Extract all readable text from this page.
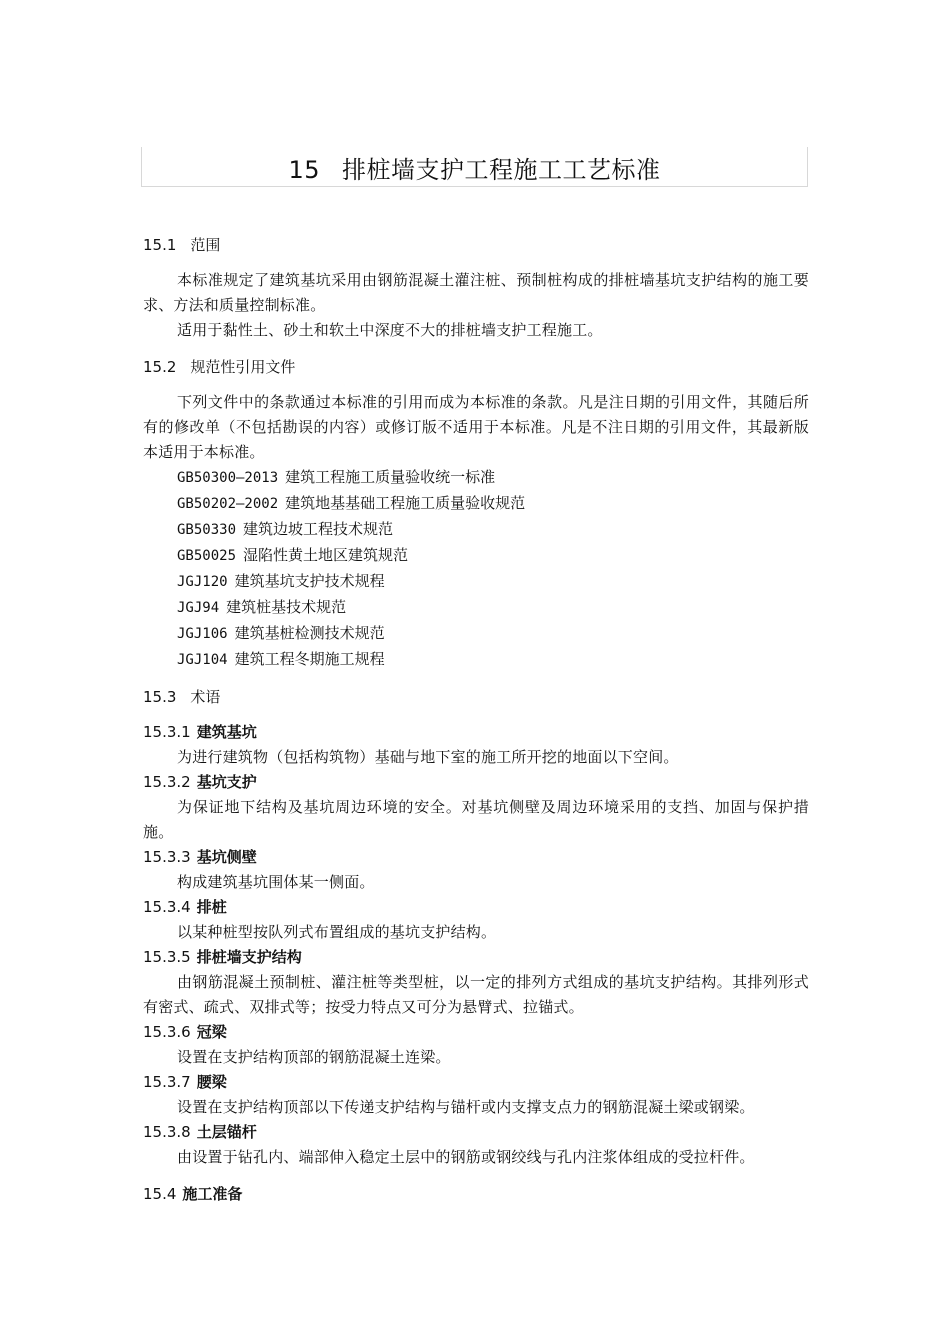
15 排桩墙支护工程施工工艺标准
15.1 范围

本标准规定了建筑基坑采用由钢筋混凝土灌注桩、预制桩构成的排桩墙基坑支护结构的施工要求、方法和质量控制标准。

适用于黏性土、砂土和软土中深度不大的排桩墙支护工程施工。

15.2 规范性引用文件

下列文件中的条款通过本标准的引用而成为本标准的条款。凡是注日期的引用文件，其随后所有的修改单（不包括勘误的内容）或修订版不适用于本标准。凡是不注日期的引用文件，其最新版本适用于本标准。

GB50300—2013 建筑工程施工质量验收统一标准
GB50202—2002 建筑地基基础工程施工质量验收规范
GB50330 建筑边坡工程技术规范
GB50025 湿陷性黄土地区建筑规范
JGJ120 建筑基坑支护技术规程
JGJ94 建筑桩基技术规范
JGJ106 建筑基桩检测技术规范
JGJ104 建筑工程冬期施工规程
15.3 术语
15.3.1 建筑基坑

为进行建筑物（包括构筑物）基础与地下室的施工所开挖的地面以下空间。

15.3.2 基坑支护

为保证地下结构及基坑周边环境的安全。对基坑侧壁及周边环境采用的支挡、加固与保护措施。

15.3.3 基坑侧壁

构成建筑基坑围体某一侧面。

15.3.4 排桩

以某种桩型按队列式布置组成的基坑支护结构。

15.3.5 排桩墙支护结构

由钢筋混凝土预制桩、灌注桩等类型桩，以一定的排列方式组成的基坑支护结构。其排列形式有密式、疏式、双排式等；按受力特点又可分为悬臂式、拉锚式。

15.3.6 冠梁

设置在支护结构顶部的钢筋混凝土连梁。

15.3.7 腰梁

设置在支护结构顶部以下传递支护结构与锚杆或内支撑支点力的钢筋混凝土梁或钢梁。

15.3.8 土层锚杆

由设置于钻孔内、端部伸入稳定土层中的钢筋或钢绞线与孔内注浆体组成的受拉杆件。

15.4 施工准备
